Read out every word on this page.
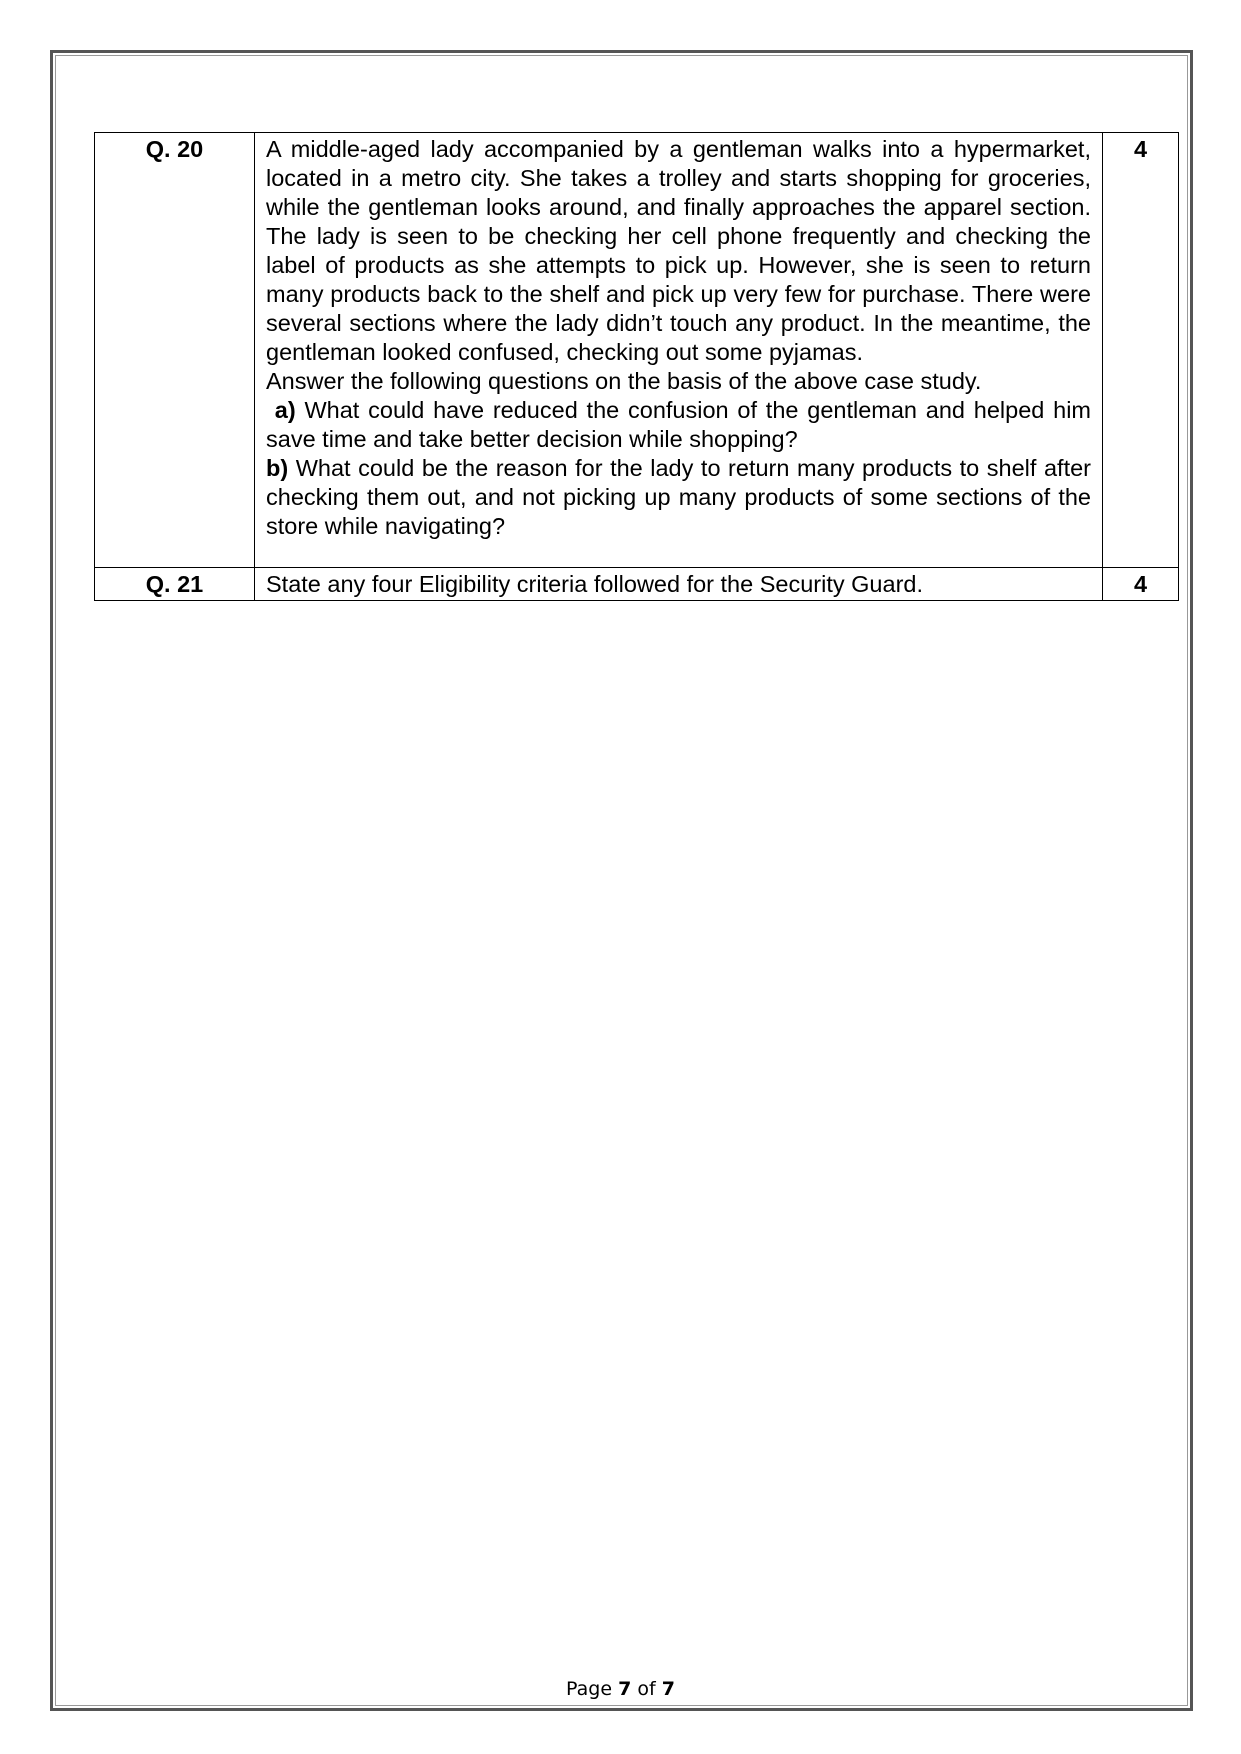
Q. 20	A middle-aged lady accompanied by a gentleman walks into a hypermarket, located in a metro city. She takes a trolley and starts shopping for groceries, while the gentleman looks around, and finally approaches the apparel section. The lady is seen to be checking her cell phone frequently and checking the label of products as she attempts to pick up. However, she is seen to return many products back to the shelf and pick up very few for purchase. There were several sections where the lady didn’t touch any product. In the meantime, the gentleman looked confused, checking out some pyjamas.
Answer the following questions on the basis of the above case study.
a) What could have reduced the confusion of the gentleman and helped him save time and take better decision while shopping?
b) What could be the reason for the lady to return many products to shelf after checking them out, and not picking up many products of some sections of the store while navigating?	4
Q. 21	State any four Eligibility criteria followed for the Security Guard.	4
Page 7 of 7
